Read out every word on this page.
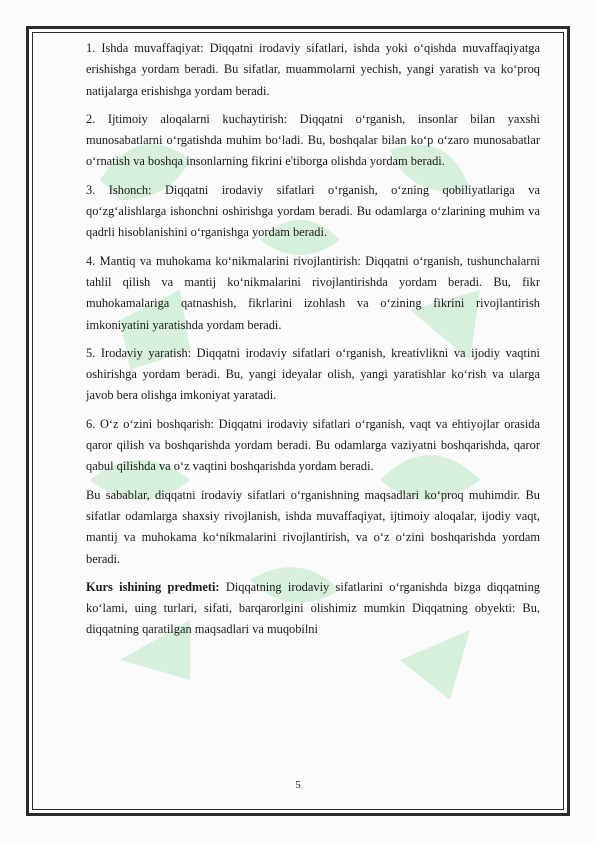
1. Ishda muvaffaqiyat: Diqqatni irodaviy sifatlari, ishda yoki o‘qishda muvaffaqiyatga erishishga yordam beradi. Bu sifatlar, muammolarni yechish, yangi yaratish va ko‘proq natijalarga erishishga yordam beradi.

2. Ijtimoiy aloqalarni kuchaytirish: Diqqatni o‘rganish, insonlar bilan yaxshi munosabatlarni o‘rgatishda muhim bo‘ladi. Bu, boshqalar bilan ko‘p o‘zaro munosabatlar o‘rnatish va boshqa insonlarning fikrini e'tiborga olishda yordam beradi.

3. Ishonch: Diqqatni irodaviy sifatlari o‘rganish, o‘zning qobiliyatlariga va qo‘zg‘alishlarga ishonchni oshirishga yordam beradi. Bu odamlarga o‘zlarining muhim va qadrli hisoblanishini o‘rganishga yordam beradi.

4. Mantiq va muhokama ko‘nikmalarini rivojlantirish: Diqqatni o‘rganish, tushunchalarni tahlil qilish va mantij ko‘nikmalarini rivojlantirishda yordam beradi. Bu, fikr muhokamalariga qatnashish, fikrlarini izohlash va o‘zining fikrini rivojlantirish imkoniyatini yaratishda yordam beradi.

5. Irodaviy yaratish: Diqqatni irodaviy sifatlari o‘rganish, kreativlikni va ijodiy vaqtini oshirishga yordam beradi. Bu, yangi ideyalar olish, yangi yaratishlar ko‘rish va ularga javob bera olishga imkoniyat yaratadi.

6. O‘z o‘zini boshqarish: Diqqatni irodaviy sifatlari o‘rganish, vaqt va ehtiyojlar orasida qaror qilish va boshqarishda yordam beradi. Bu odamlarga vaziyatni boshqarishda, qaror qabul qilishda va o‘z vaqtini boshqarishda yordam beradi.

Bu sabablar, diqqatni irodaviy sifatlari o‘rganishning maqsadlari ko‘proq muhimdir. Bu sifatlar odamlarga shaxsiy rivojlanish, ishda muvaffaqiyat, ijtimoiy aloqalar, ijodiy vaqt, mantij va muhokama ko‘nikmalarini rivojlantirish, va o‘z o‘zini boshqarishda yordam beradi.

Kurs ishining predmeti: Diqqatning irodaviy sifatlarini o‘rganishda bizga diqqatning ko‘lami, uing turlari, sifati, barqarorlgini olishimiz mumkin Diqqatning obyekti: Bu, diqqatning qaratilgan maqsadlari va muqobilni

5
